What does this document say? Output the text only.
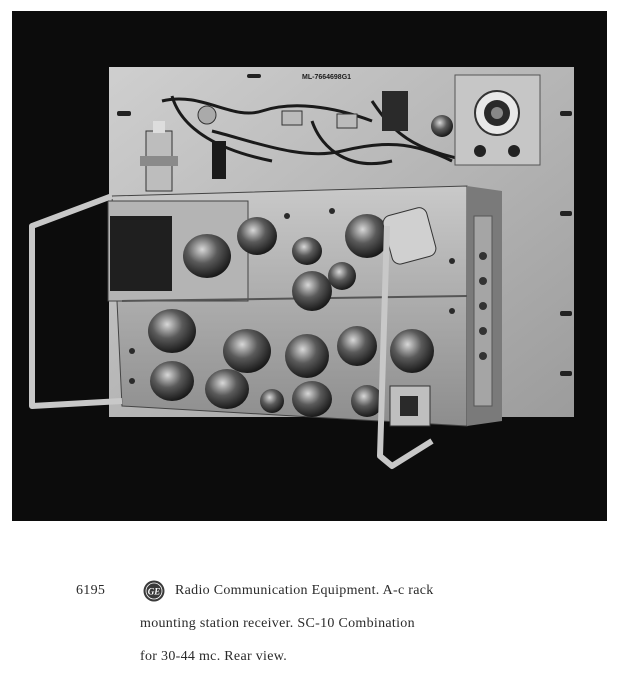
ML-7664698G1
6195	GE Radio Communication Equipment. A-c rack
mounting station receiver. SC-10 Combination
for 30-44 mc. Rear view.
